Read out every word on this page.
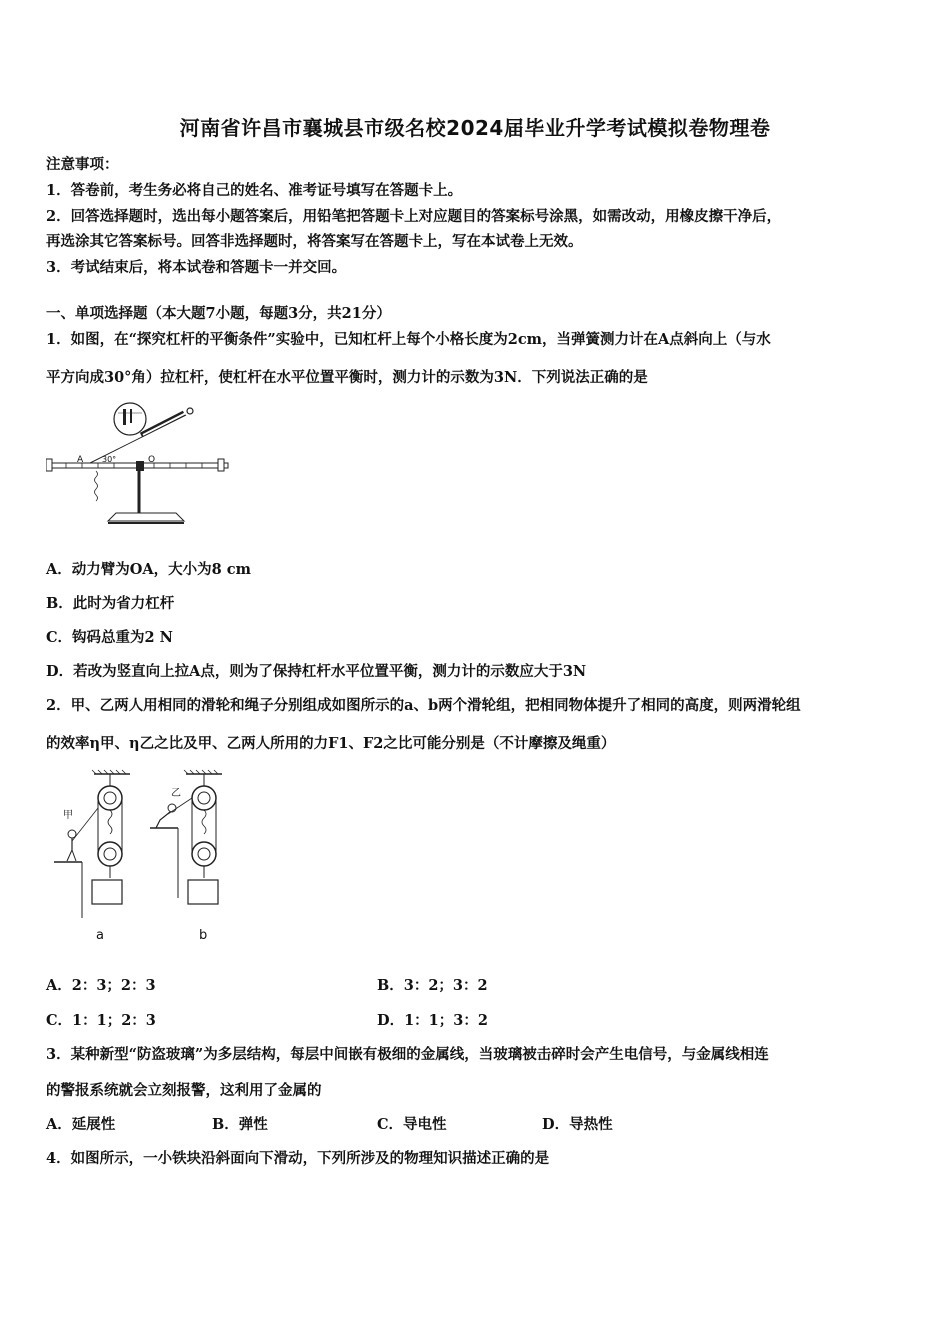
河南省许昌市襄城县市级名校2024届毕业升学考试模拟卷物理卷
注意事项：
1．答卷前，考生务必将自己的姓名、准考证号填写在答题卡上。
2．回答选择题时，选出每小题答案后，用铅笔把答题卡上对应题目的答案标号涂黑，如需改动，用橡皮擦干净后，
再选涂其它答案标号。回答非选择题时，将答案写在答题卡上，写在本试卷上无效。
3．考试结束后，将本试卷和答题卡一并交回。
一、单项选择题（本大题7小题，每题3分，共21分）
1．如图，在“探究杠杆的平衡条件”实验中，已知杠杆上每个小格长度为2cm，当弹簧测力计在A点斜向上（与水
平方向成30°角）拉杠杆，使杠杆在水平位置平衡时，测力计的示数为3N．下列说法正确的是
A	O
30°
A．动力臂为OA，大小为8 cm
B．此时为省力杠杆
C．钩码总重为2 N
D．若改为竖直向上拉A点，则为了保持杠杆水平位置平衡，测力计的示数应大于3N
2．甲、乙两人用相同的滑轮和绳子分别组成如图所示的a、b两个滑轮组，把相同物体提升了相同的高度，则两滑轮组
的效率η甲、η乙之比及甲、乙两人所用的力F1、F2之比可能分别是（不计摩擦及绳重）
甲
乙
a	b
A．2：3；2：3	B．3：2；3：2
C．1：1；2：3	D．1：1；3：2
3．某种新型“防盗玻璃”为多层结构，每层中间嵌有极细的金属线，当玻璃被击碎时会产生电信号，与金属线相连
的警报系统就会立刻报警，这利用了金属的
A．延展性	B．弹性	C．导电性	D．导热性
4．如图所示，一小铁块沿斜面向下滑动，下列所涉及的物理知识描述正确的是
